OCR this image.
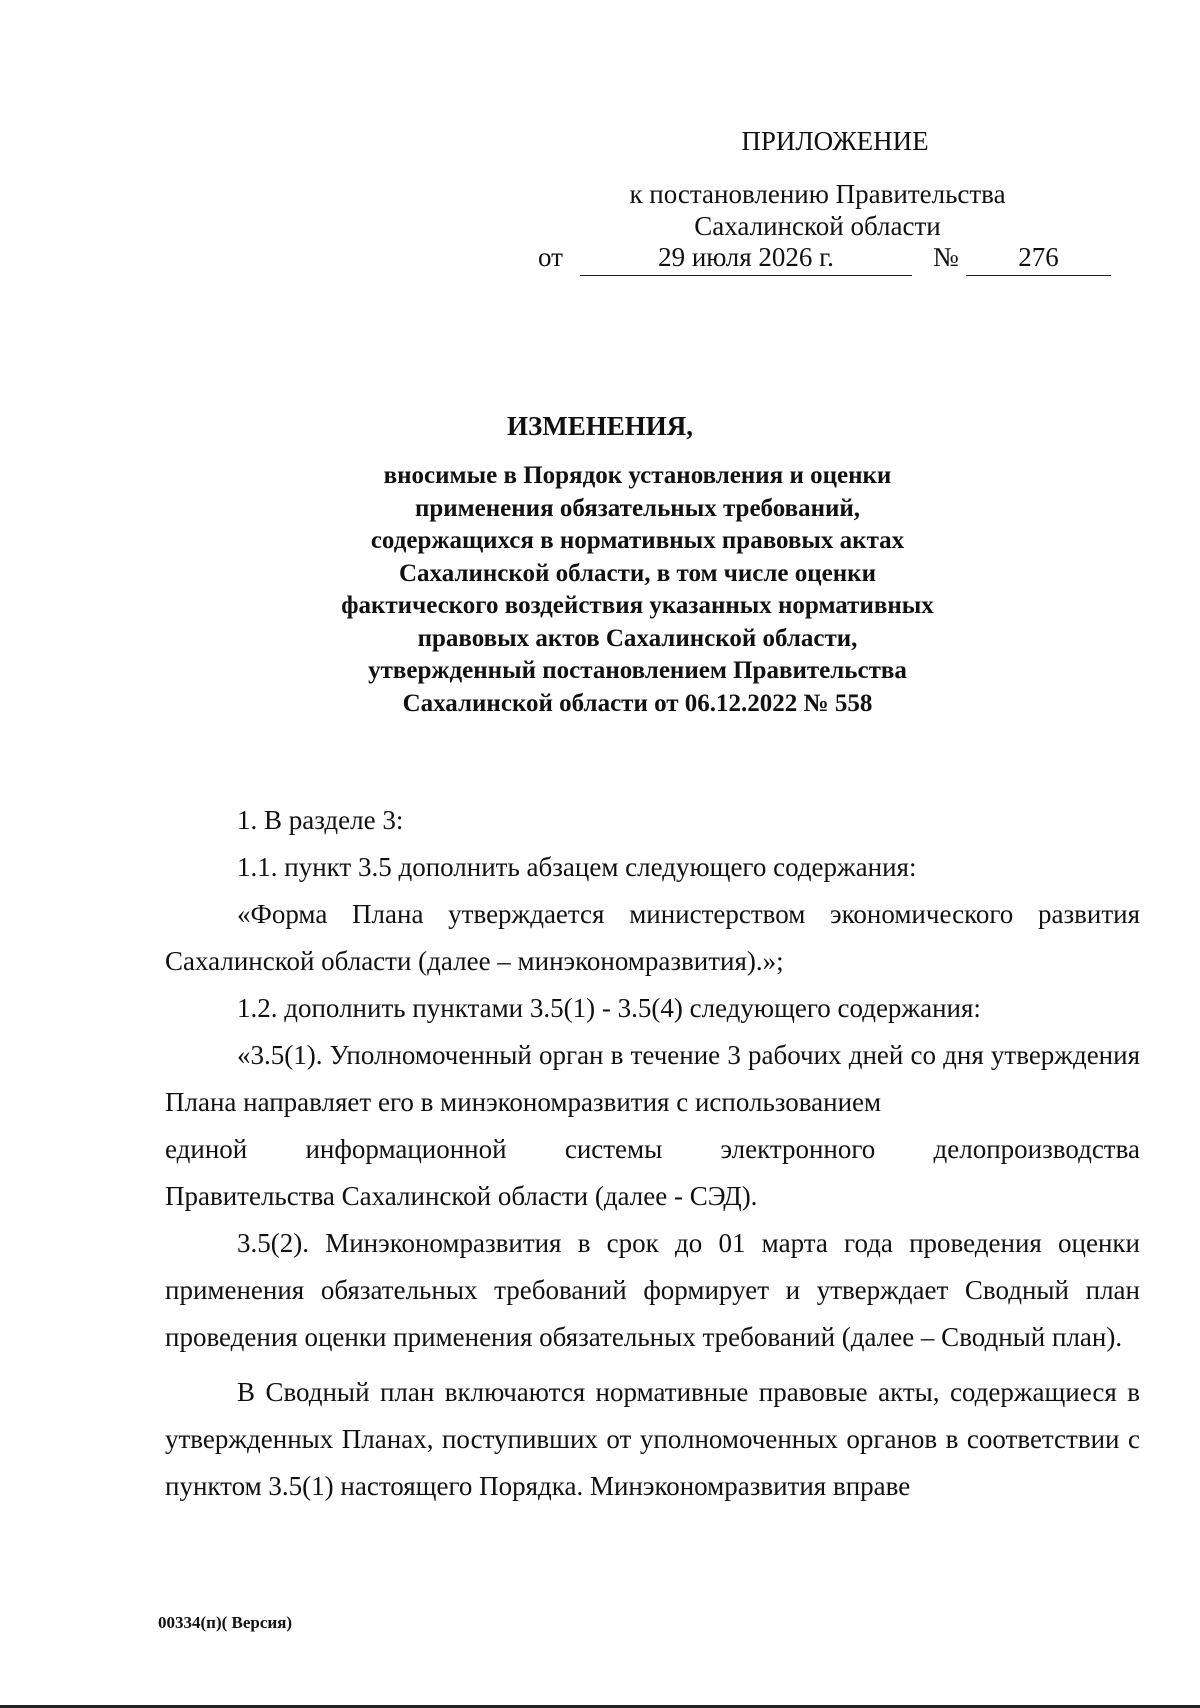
ПРИЛОЖЕНИЕ
к постановлению Правительства
Сахалинской области
от	29 июля 2026 г.	№	276
ИЗМЕНЕНИЯ,
вносимые в Порядок установления и оценки
применения обязательных требований,
содержащихся в нормативных правовых актах
Сахалинской области, в том числе оценки
фактического воздействия указанных нормативных
правовых актов Сахалинской области,
утвержденный постановлением Правительства
Сахалинской области от 06.12.2022 № 558

1. В разделе 3:

1.1. пункт 3.5 дополнить абзацем следующего содержания:

«Форма Плана утверждается министерством экономического развития Сахалинской области (далее – минэкономразвития).»;

1.2. дополнить пунктами 3.5(1) - 3.5(4) следующего содержания:

«3.5(1). Уполномоченный орган в течение 3 рабочих дней со дня утверждения Плана направляет его в минэкономразвития с использованием

единой информационной системы электронного делопроизводства
Правительства Сахалинской области (далее - СЭД).

3.5(2). Минэкономразвития в срок до 01 марта года проведения оценки применения обязательных требований формирует и утверждает Сводный план проведения оценки применения обязательных требований (далее – Сводный план).

В Сводный план включаются нормативные правовые акты, содержащиеся в утвержденных Планах, поступивших от уполномоченных органов в соответствии с пунктом 3.5(1) настоящего Порядка. Минэкономразвития вправе

00334(п)( Версия)
